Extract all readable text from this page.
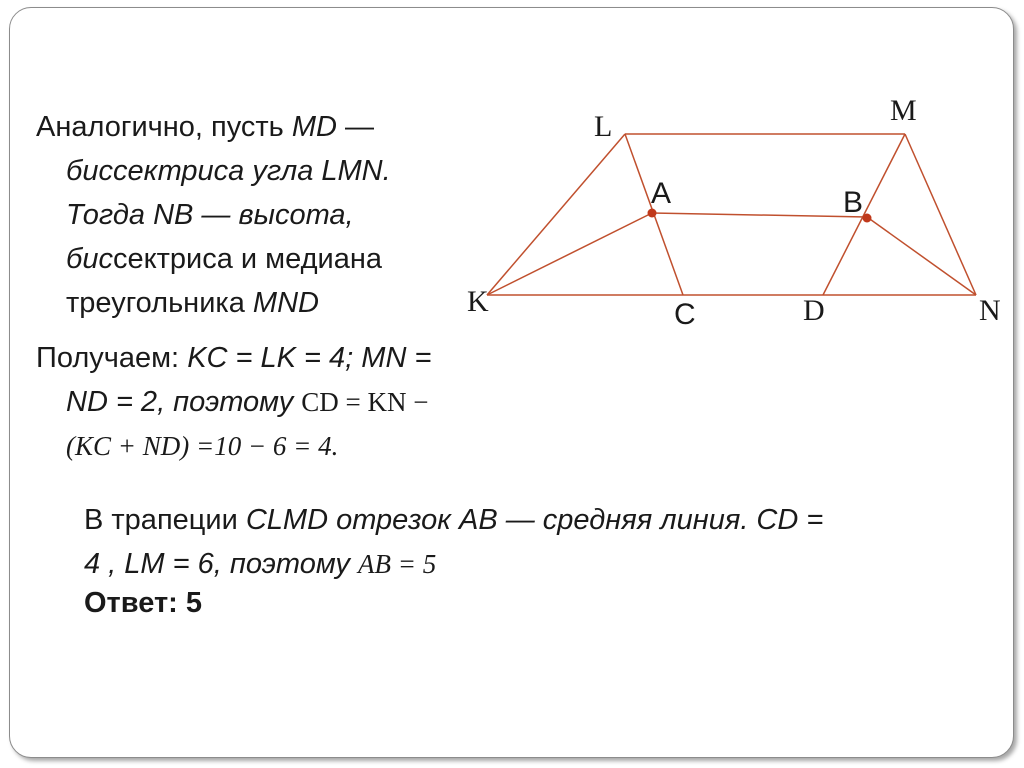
Аналогично, пусть MD —
биссектриса угла LMN.
Тогда NB — высота,
биссектриса и медиана
треугольника MND
Получаем: KC = LK = 4; MN =
ND = 2, поэтому CD = KN −
(KC + ND) =10 − 6 = 4.
В трапеции CLMD отрезок AB — средняя линия. CD =
4 , LM = 6, поэтому AB = 5
Ответ: 5
L	M
A	B
K	C	D	N
